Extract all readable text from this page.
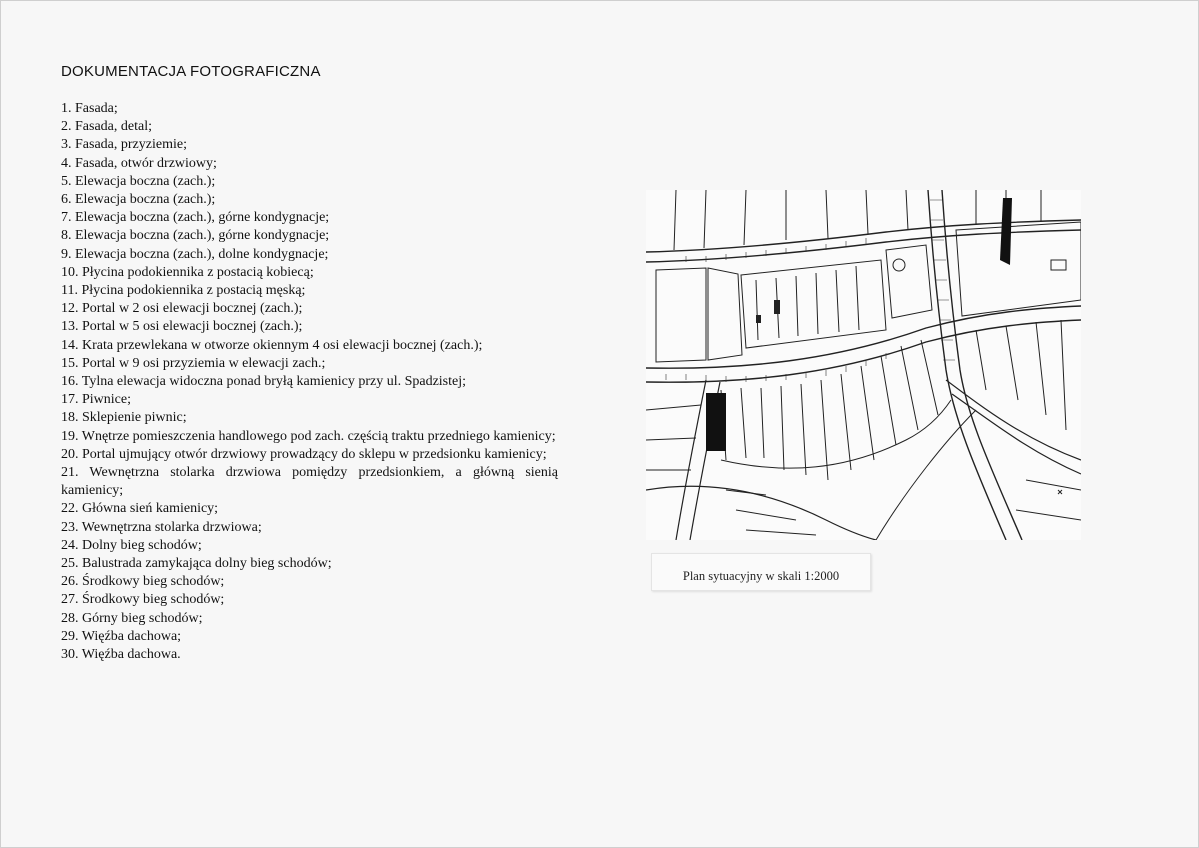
DOKUMENTACJA FOTOGRAFICZNA
1. Fasada;
2. Fasada, detal;
3. Fasada, przyziemie;
4. Fasada, otwór drzwiowy;
5. Elewacja boczna (zach.);
6. Elewacja boczna (zach.);
7. Elewacja boczna (zach.), górne kondygnacje;
8. Elewacja boczna (zach.), górne kondygnacje;
9. Elewacja boczna (zach.), dolne kondygnacje;
10. Płycina podokiennika z postacią kobiecą;
11. Płycina podokiennika z postacią męską;
12. Portal w 2 osi elewacji bocznej (zach.);
13. Portal w 5 osi elewacji bocznej (zach.);
14. Krata przewlekana w otworze okiennym 4 osi elewacji bocznej (zach.);
15. Portal w 9 osi przyziemia w elewacji zach.;
16. Tylna elewacja widoczna ponad bryłą kamienicy przy ul. Spadzistej;
17. Piwnice;
18. Sklepienie piwnic;
19. Wnętrze pomieszczenia handlowego pod zach. częścią traktu przedniego kamienicy;
20. Portal ujmujący otwór drzwiowy prowadzący do sklepu w przedsionku kamienicy;
21. Wewnętrzna stolarka drzwiowa pomiędzy przedsionkiem, a główną sienią kamienicy;
22. Główna sień kamienicy;
23. Wewnętrzna stolarka drzwiowa;
24. Dolny bieg schodów;
25. Balustrada zamykająca dolny bieg schodów;
26. Środkowy bieg schodów;
27. Środkowy bieg schodów;
28. Górny bieg schodów;
29. Więźba dachowa;
30. Więźba dachowa.
Plan sytuacyjny w skali 1:2000
